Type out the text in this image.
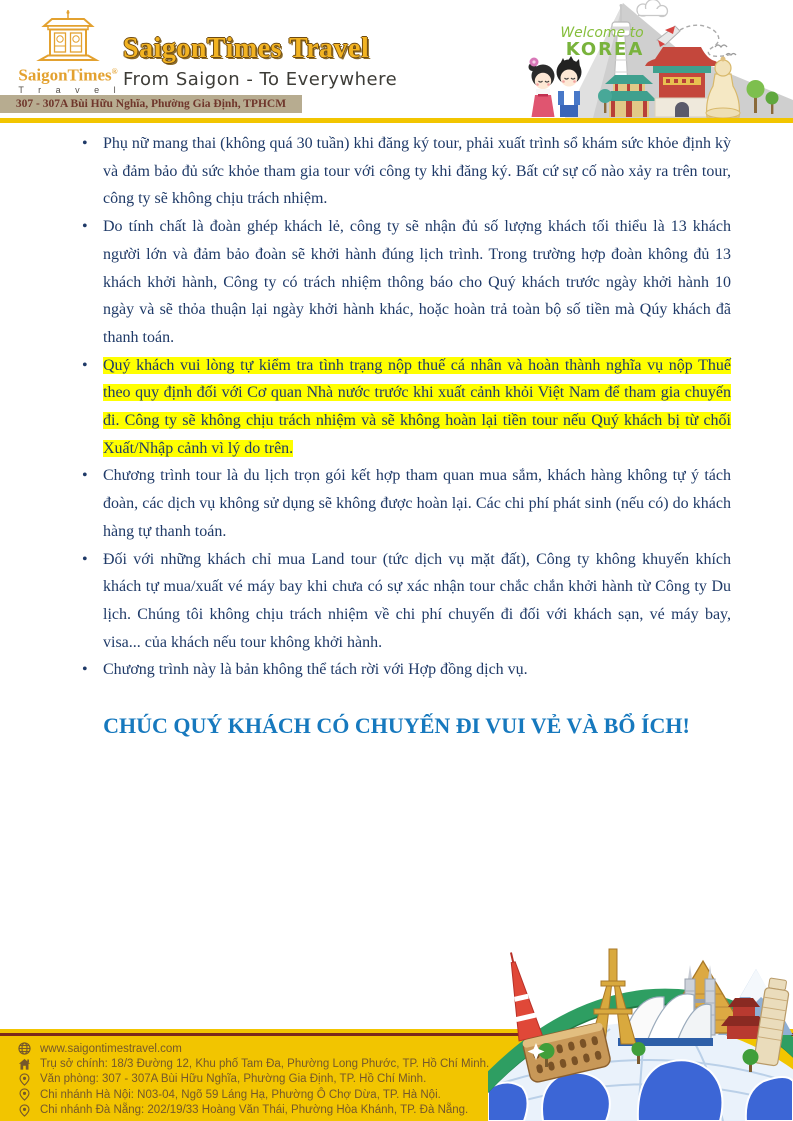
SaigonTimes®
T r a v e l
SaigonTimes Travel
From Saigon - To Everywhere
307 - 307A Bùi Hữu Nghĩa, Phường Gia Định, TPHCM
Welcome to
KOREA
• Phụ nữ mang thai (không quá 30 tuần) khi đăng ký tour, phải xuất trình sổ khám sức khỏe định kỳ và đảm bảo đủ sức khỏe tham gia tour với công ty khi đăng ký. Bất cứ sự cố nào xảy ra trên tour, công ty sẽ không chịu trách nhiệm.
• Do tính chất là đoàn ghép khách lẻ, công ty sẽ nhận đủ số lượng khách tối thiểu là 13 khách người lớn và đảm bảo đoàn sẽ khởi hành đúng lịch trình. Trong trường hợp đoàn không đủ 13 khách khởi hành, Công ty có trách nhiệm thông báo cho Quý khách trước ngày khởi hành 10 ngày và sẽ thỏa thuận lại ngày khởi hành khác, hoặc hoàn trả toàn bộ số tiền mà Qúy khách đã thanh toán.
• Quý khách vui lòng tự kiểm tra tình trạng nộp thuế cá nhân và hoàn thành nghĩa vụ nộp Thuế theo quy định đối với Cơ quan Nhà nước trước khi xuất cảnh khỏi Việt Nam để tham gia chuyến đi. Công ty sẽ không chịu trách nhiệm và sẽ không hoàn lại tiền tour nếu Quý khách bị từ chối Xuất/Nhập cảnh vì lý do trên.
• Chương trình tour là du lịch trọn gói kết hợp tham quan mua sắm, khách hàng không tự ý tách đoàn, các dịch vụ không sử dụng sẽ không được hoàn lại. Các chi phí phát sinh (nếu có) do khách hàng tự thanh toán.
• Đối với những khách chỉ mua Land tour (tức dịch vụ mặt đất), Công ty không khuyến khích khách tự mua/xuất vé máy bay khi chưa có sự xác nhận tour chắc chắn khởi hành từ Công ty Du lịch. Chúng tôi không chịu trách nhiệm về chi phí chuyến đi đối với khách sạn, vé máy bay, visa... của khách nếu tour không khởi hành.
• Chương trình này là bản không thể tách rời với Hợp đồng dịch vụ.
CHÚC QUÝ KHÁCH CÓ CHUYẾN ĐI VUI VẺ VÀ BỔ ÍCH!
www.saigontimestravel.com
Trụ sở chính: 18/3 Đường 12, Khu phố Tam Đa, Phường Long Phước, TP. Hồ Chí Minh.
Văn phòng: 307 - 307A Bùi Hữu Nghĩa, Phường Gia Định, TP. Hồ Chí Minh.
Chi nhánh Hà Nội: N03-04, Ngõ 59 Láng Hạ, Phường Ô Chợ Dừa, TP. Hà Nội.
Chi nhánh Đà Nẵng: 202/19/33 Hoàng Văn Thái, Phường Hòa Khánh, TP. Đà Nẵng.
